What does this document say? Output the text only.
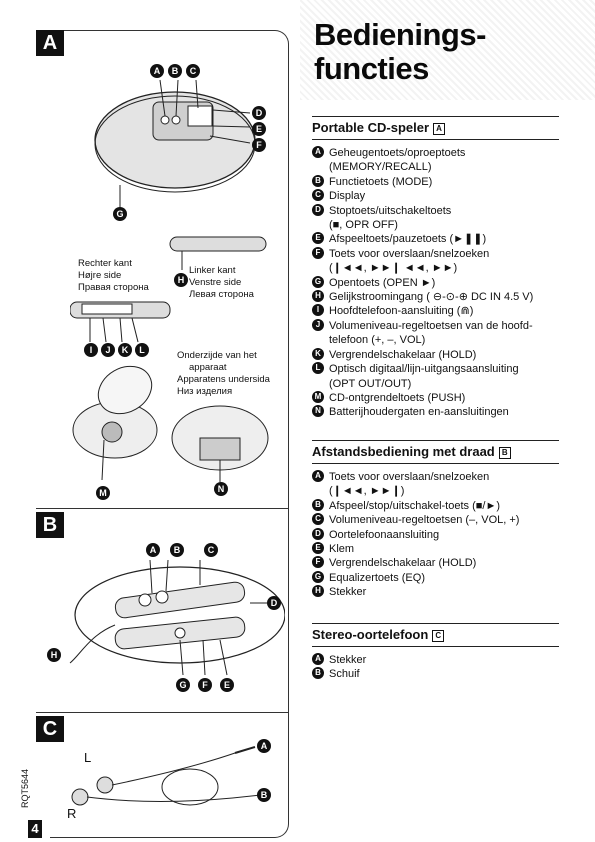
A
B
C
A	B	C
D
E
F
G
H
I	J	K	L
M	N
Rechter kant
Højre side
Правая сторона
Linker kant
Venstre side
Левая сторона
Onderzijde van het
apparaat
Apparatens undersida
Низ изделия
A	B	C
D
H
G	F	E
L
R
A
B
RQT5644
4
Bedienings-
functies
Portable CD-speler A
A Geheugentoets/oproeptoets
(MEMORY/RECALL)
B Functietoets (MODE)
C Display
D Stoptoets/uitschakeltoets
(■, OPR OFF)
E Afspeeltoets/pauzetoets (►❚❚)
F Toets voor overslaan/snelzoeken
(❙◄◄, ►►❙ ◄◄, ►►)
G Opentoets (OPEN ►)
H Gelijkstroomingang ( ⊖-⊙-⊕ DC IN 4.5 V)
I Hoofdtelefoon-aansluiting (⋒)
J Volumeniveau-regeltoetsen van de hoofd-
telefoon (+, –, VOL)
K Vergrendelschakelaar (HOLD)
L Optisch digitaal/lijn-uitgangsaansluiting
(OPT OUT/OUT)
M CD-ontgrendeltoets (PUSH)
N Batterijhoudergaten en-aansluitingen
Afstandsbediening met draad B
A Toets voor overslaan/snelzoeken
(❙◄◄, ►►❙)
B Afspeel/stop/uitschakel-toets (■/►)
C Volumeniveau-regeltoetsen (–, VOL, +)
D Oortelefoonaansluiting
E Klem
F Vergrendelschakelaar (HOLD)
G Equalizertoets (EQ)
H Stekker
Stereo-oortelefoon C
A Stekker
B Schuif
